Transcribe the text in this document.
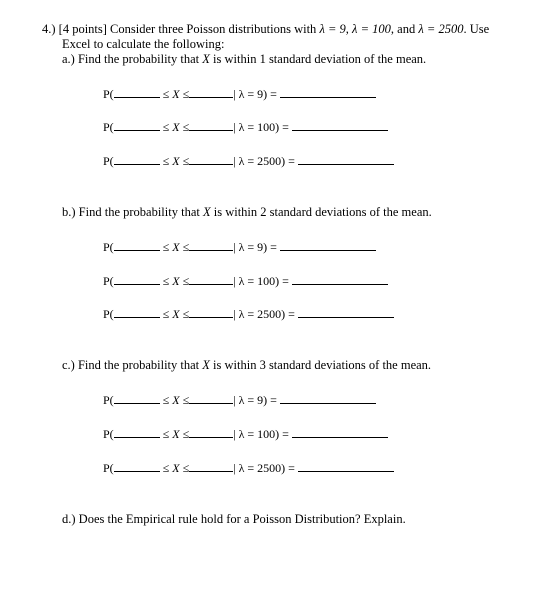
4.) [4 points] Consider three Poisson distributions with λ = 9, λ = 100, and λ = 2500. Use
Excel to calculate the following:
a.) Find the probability that X is within 1 standard deviation of the mean.
P(	≤ X ≤	| λ = 9) =
P(	≤ X ≤	| λ = 100) =
P(	≤ X ≤	| λ = 2500) =
b.) Find the probability that X is within 2 standard deviations of the mean.
P(	≤ X ≤	| λ = 9) =
P(	≤ X ≤	| λ = 100) =
P(	≤ X ≤	| λ = 2500) =
c.) Find the probability that X is within 3 standard deviations of the mean.
P(	≤ X ≤	| λ = 9) =
P(	≤ X ≤	| λ = 100) =
P(	≤ X ≤	| λ = 2500) =
d.) Does the Empirical rule hold for a Poisson Distribution? Explain.
